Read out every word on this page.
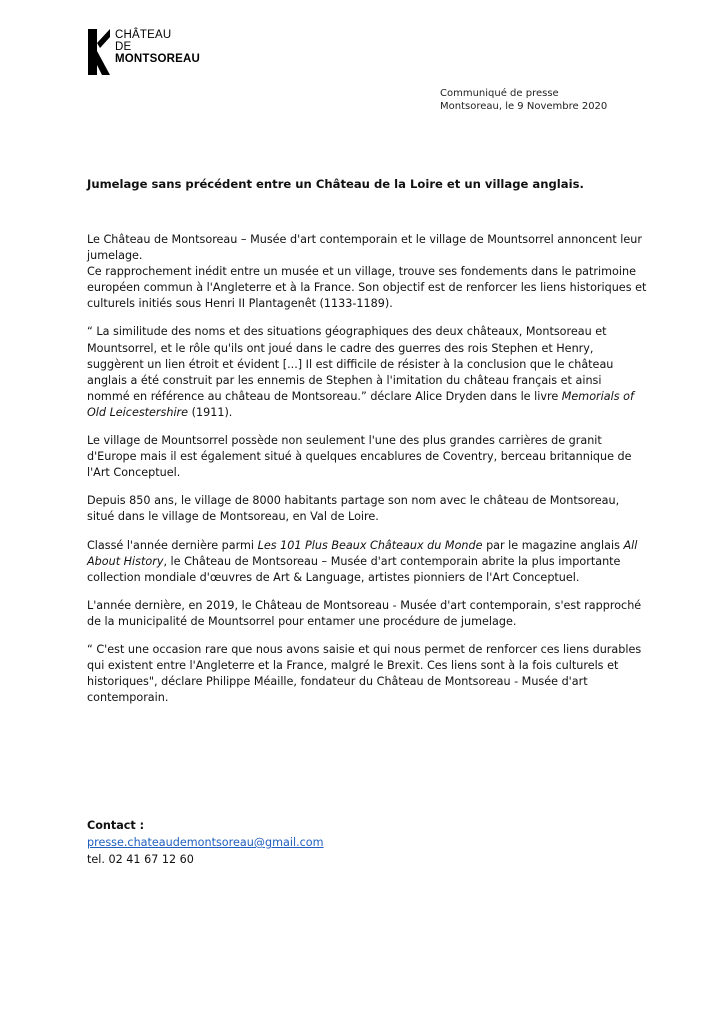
CHÂTEAU
DE
MONTSOREAU
Communiqué de presse
Montsoreau, le 9 Novembre 2020
Jumelage sans précédent entre un Château de la Loire et un village anglais.

Le Château de Montsoreau – Musée d'art contemporain et le village de Mountsorrel annoncent leur jumelage.

Ce rapprochement inédit entre un musée et un village, trouve ses fondements dans le patrimoine européen commun à l'Angleterre et à la France. Son objectif est de renforcer les liens historiques et culturels initiés sous Henri II Plantagenêt (1133-1189).

“ La similitude des noms et des situations géographiques des deux châteaux, Montsoreau et Mountsorrel, et le rôle qu'ils ont joué dans le cadre des guerres des rois Stephen et Henry, suggèrent un lien étroit et évident [...] Il est difficile de résister à la conclusion que le château anglais a été construit par les ennemis de Stephen à l'imitation du château français et ainsi nommé en référence au château de Montsoreau.” déclare Alice Dryden dans le livre Memorials of Old Leicestershire (1911).

Le village de Mountsorrel possède non seulement l'une des plus grandes carrières de granit d'Europe mais il est également situé à quelques encablures de Coventry, berceau britannique de l'Art Conceptuel.

Depuis 850 ans, le village de 8000 habitants partage son nom avec le château de Montsoreau, situé dans le village de Montsoreau, en Val de Loire.

Classé l'année dernière parmi Les 101 Plus Beaux Châteaux du Monde par le magazine anglais All About History, le Château de Montsoreau – Musée d'art contemporain abrite la plus importante collection mondiale d'œuvres de Art & Language, artistes pionniers de l'Art Conceptuel.

L'année dernière, en 2019, le Château de Montsoreau - Musée d'art contemporain, s'est rapproché de la municipalité de Mountsorrel pour entamer une procédure de jumelage.

“ C'est une occasion rare que nous avons saisie et qui nous permet de renforcer ces liens durables qui existent entre l'Angleterre et la France, malgré le Brexit. Ces liens sont à la fois culturels et historiques", déclare Philippe Méaille, fondateur du Château de Montsoreau - Musée d'art contemporain.

Contact :
presse.chateaudemontsoreau@gmail.com
tel. 02 41 67 12 60
